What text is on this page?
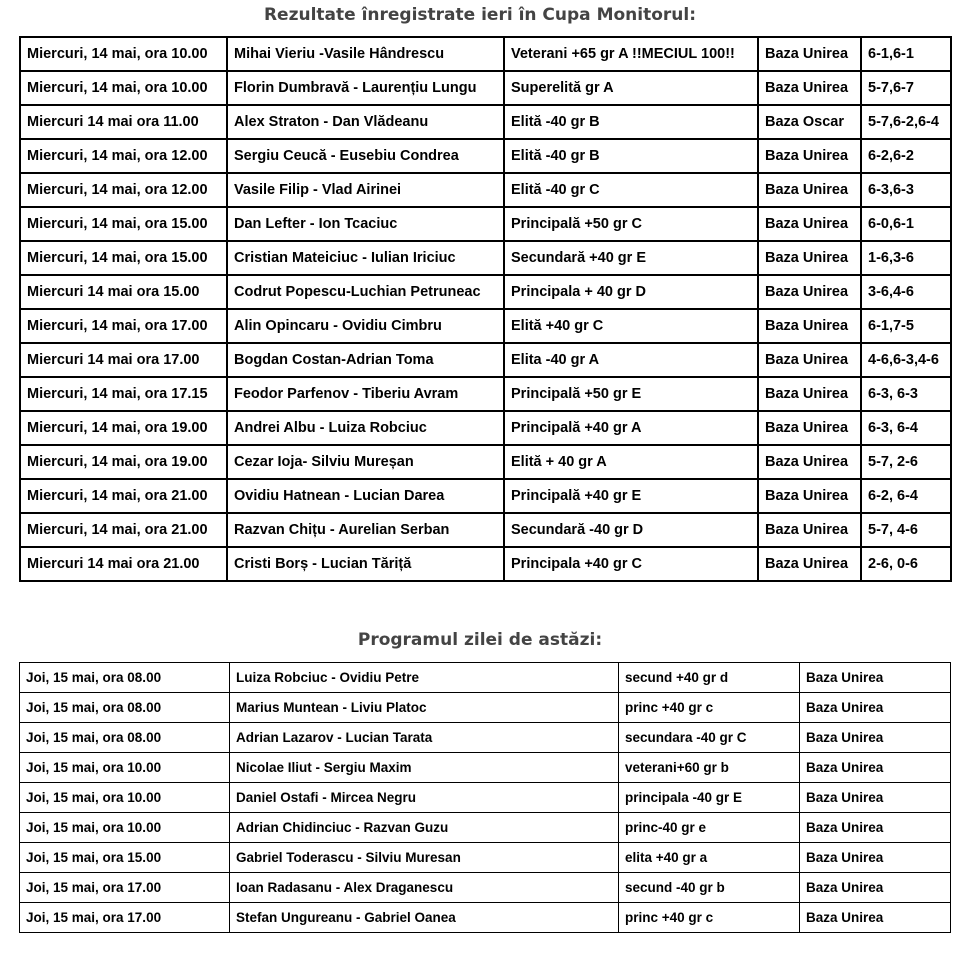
Rezultate înregistrate ieri în Cupa Monitorul:
Miercuri, 14 mai, ora 10.00	Mihai Vieriu -Vasile Hândrescu	Veterani +65 gr A !!MECIUL 100!!	Baza Unirea	6-1,6-1
Miercuri, 14 mai, ora 10.00	Florin Dumbravă - Laurențiu Lungu	Superelită gr A	Baza Unirea	5-7,6-7
Miercuri 14 mai ora 11.00	Alex Straton - Dan Vlădeanu	Elită -40 gr B	Baza Oscar	5-7,6-2,6-4
Miercuri, 14 mai, ora 12.00	Sergiu Ceucă - Eusebiu Condrea	Elită -40 gr B	Baza Unirea	6-2,6-2
Miercuri, 14 mai, ora 12.00	Vasile Filip - Vlad Airinei	Elită -40 gr C	Baza Unirea	6-3,6-3
Miercuri, 14 mai, ora 15.00	Dan Lefter - Ion Tcaciuc	Principală +50 gr C	Baza Unirea	6-0,6-1
Miercuri, 14 mai, ora 15.00	Cristian Mateiciuc - Iulian Iriciuc	Secundară +40 gr E	Baza Unirea	1-6,3-6
Miercuri 14 mai ora 15.00	Codrut Popescu-Luchian Petruneac	Principala + 40 gr D	Baza Unirea	3-6,4-6
Miercuri, 14 mai, ora 17.00	Alin Opincaru - Ovidiu Cimbru	Elită +40 gr C	Baza Unirea	6-1,7-5
Miercuri 14 mai ora 17.00	Bogdan Costan-Adrian Toma	Elita -40 gr A	Baza Unirea	4-6,6-3,4-6
Miercuri, 14 mai, ora 17.15	Feodor Parfenov - Tiberiu Avram	Principală +50 gr E	Baza Unirea	6-3, 6-3
Miercuri, 14 mai, ora 19.00	Andrei Albu - Luiza Robciuc	Principală +40 gr A	Baza Unirea	6-3, 6-4
Miercuri, 14 mai, ora 19.00	Cezar Ioja- Silviu Mureșan	Elită + 40 gr A	Baza Unirea	5-7, 2-6
Miercuri, 14 mai, ora 21.00	Ovidiu Hatnean - Lucian Darea	Principală +40 gr E	Baza Unirea	6-2, 6-4
Miercuri, 14 mai, ora 21.00	Razvan Chițu - Aurelian Serban	Secundară -40 gr D	Baza Unirea	5-7, 4-6
Miercuri 14 mai ora 21.00	Cristi Borș - Lucian Tăriță	Principala +40 gr C	Baza Unirea	2-6, 0-6
Programul zilei de astăzi:
Joi, 15 mai, ora 08.00	Luiza Robciuc - Ovidiu Petre	secund +40 gr d	Baza Unirea
Joi, 15 mai, ora 08.00	Marius Muntean - Liviu Platoc	princ +40 gr c	Baza Unirea
Joi, 15 mai, ora 08.00	Adrian Lazarov - Lucian Tarata	secundara -40 gr C	Baza Unirea
Joi, 15 mai, ora 10.00	Nicolae Iliut - Sergiu Maxim	veterani+60 gr b	Baza Unirea
Joi, 15 mai, ora 10.00	Daniel Ostafi - Mircea Negru	principala -40 gr E	Baza Unirea
Joi, 15 mai, ora 10.00	Adrian Chidinciuc - Razvan Guzu	princ-40 gr e	Baza Unirea
Joi, 15 mai, ora 15.00	Gabriel Toderascu - Silviu Muresan	elita +40 gr a	Baza Unirea
Joi, 15 mai, ora 17.00	Ioan Radasanu - Alex Draganescu	secund -40 gr b	Baza Unirea
Joi, 15 mai, ora 17.00	Stefan Ungureanu - Gabriel Oanea	princ +40 gr c	Baza Unirea
